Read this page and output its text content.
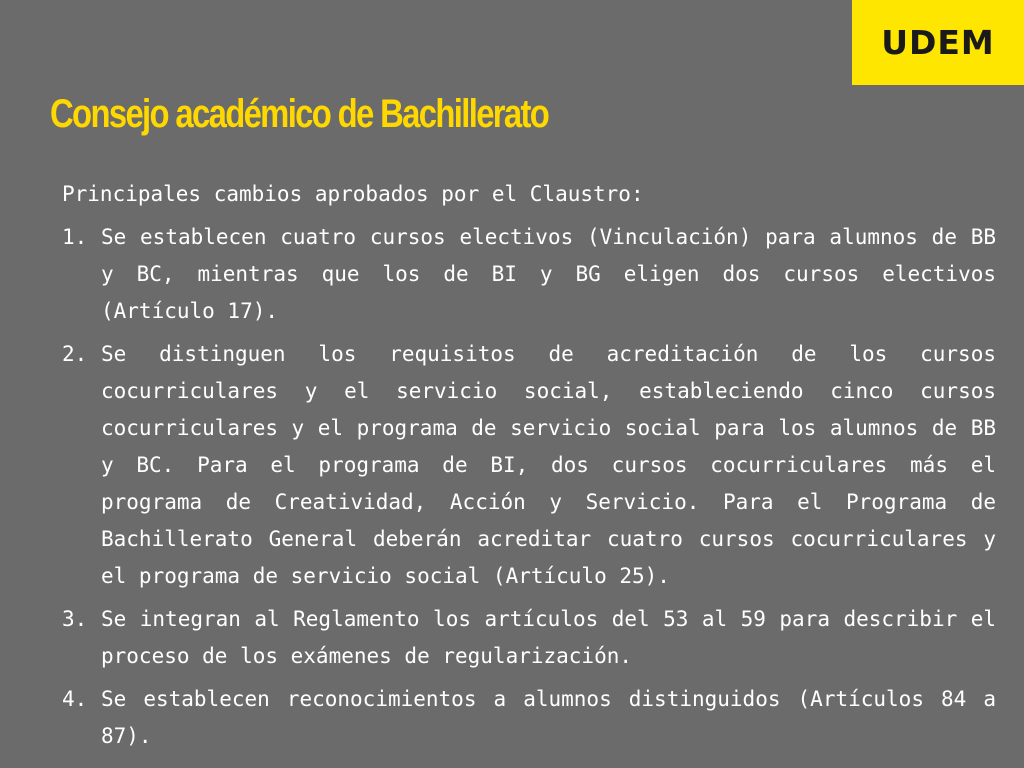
UDEM
Consejo académico de Bachillerato

Principales cambios aprobados por el Claustro:

1. Se establecen cuatro cursos electivos (Vinculación) para alumnos de BB y BC, mientras que los de BI y BG eligen dos cursos electivos (Artículo 17).
2. Se distinguen los requisitos de acreditación de los cursos cocurriculares y el servicio social, estableciendo cinco cursos cocurriculares y el programa de servicio social para los alumnos de BB y BC. Para el programa de BI, dos cursos cocurriculares más el programa de Creatividad, Acción y Servicio. Para el Programa de Bachillerato General deberán acreditar cuatro cursos cocurriculares y el programa de servicio social (Artículo 25).
3. Se integran al Reglamento los artículos del 53 al 59 para describir el proceso de los exámenes de regularización.
4. Se establecen reconocimientos a alumnos distinguidos (Artículos 84 a 87).
